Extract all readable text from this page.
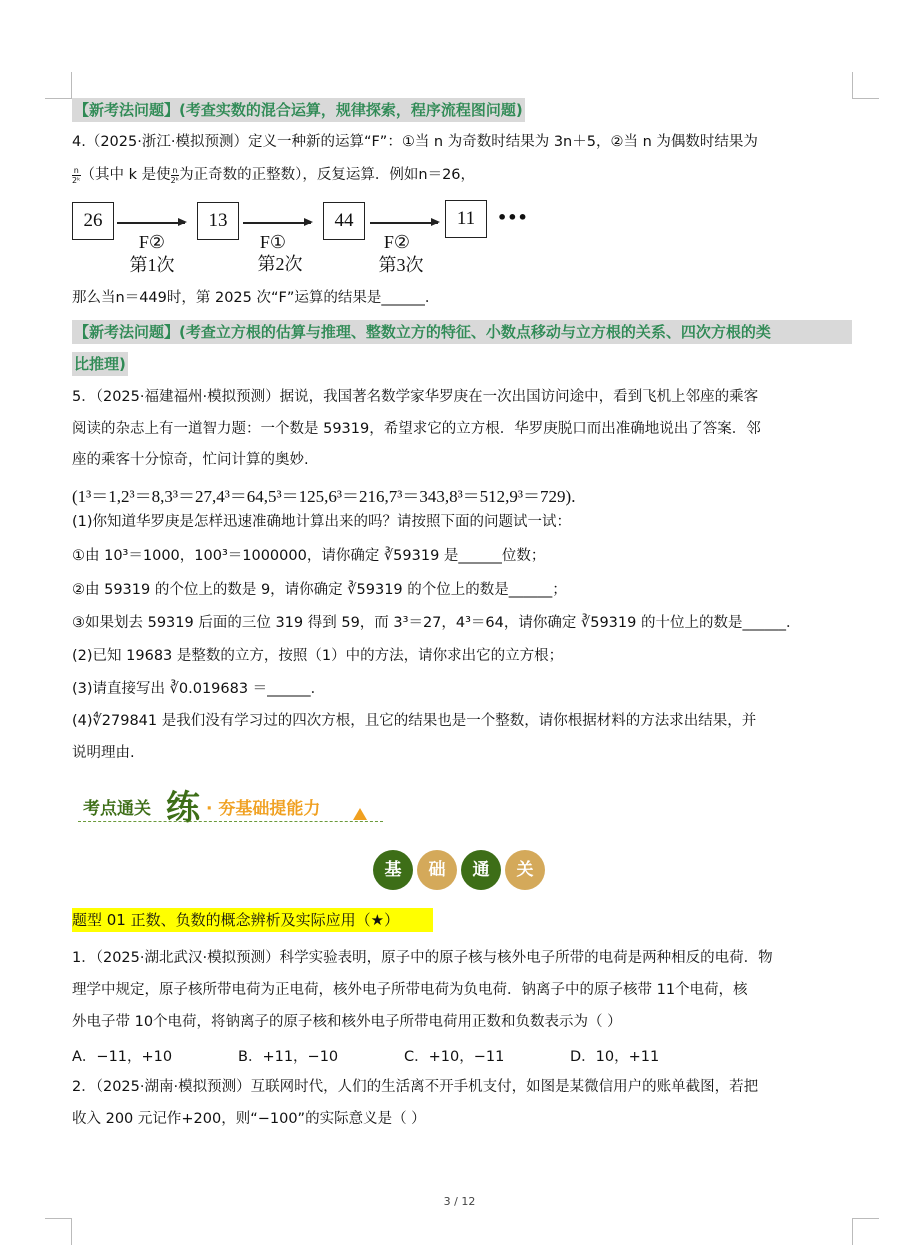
【新考法问题】(考查实数的混合运算，规律探索，程序流程图问题)
4.（2025·浙江·模拟预测）定义一种新的运算“F”：①当 n 为奇数时结果为 3n＋5，②当 n 为偶数时结果为
$\frac{n}{\text{2ᵏ}}$ （其中 k 是使 $\frac{n}{\text{2ᵏ}}$ 为正奇数的正整数），反复运算．例如n＝26，
26	13	44	11	•••
F②	F①	F②
第1次	第2次	第3次
那么当n＝449时，第 2025 次“F”运算的结果是______．
【新考法问题】(考查立方根的估算与推理、整数立方的特征、小数点移动与立方根的关系、四次方根的类
比推理)
5．（2025·福建福州·模拟预测）据说，我国著名数学家华罗庚在一次出国访问途中，看到飞机上邻座的乘客
阅读的杂志上有一道智力题：一个数是 59319，希望求它的立方根．华罗庚脱口而出准确地说出了答案．邻
座的乘客十分惊奇，忙问计算的奥妙.
(1³＝1,2³＝8,3³＝27,4³＝64,5³＝125,6³＝216,7³＝343,8³＝512,9³＝729).
(1)你知道华罗庚是怎样迅速准确地计算出来的吗？请按照下面的问题试一试：
①由 10³＝1000，100³＝1000000，请你确定 ∛59319 是______位数；
②由 59319 的个位上的数是 9，请你确定 ∛59319 的个位上的数是______；
③如果划去 59319 后面的三位 319 得到 59，而 3³＝27，4³＝64，请你确定 ∛59319 的十位上的数是______．
(2)已知 19683 是整数的立方，按照（1）中的方法，请你求出它的立方根；
(3)请直接写出 ∛0.019683 ＝______．
(4)∜279841 是我们没有学习过的四次方根，且它的结果也是一个整数，请你根据材料的方法求出结果，并
说明理由.
考点通关 练 · 夯基础提能力
基	础	通	关
题型 01 正数、负数的概念辨析及实际应用（★）
1．（2025·湖北武汉·模拟预测）科学实验表明，原子中的原子核与核外电子所带的电荷是两种相反的电荷．物
理学中规定，原子核所带电荷为正电荷，核外电子所带电荷为负电荷．钠离子中的原子核带 11个电荷，核
外电子带 10个电荷，将钠离子的原子核和核外电子所带电荷用正数和负数表示为（ ）
A．−11，+10	B．+11，−10	C．+10，−11	D．10，+11
2．（2025·湖南·模拟预测）互联网时代，人们的生活离不开手机支付，如图是某微信用户的账单截图，若把
收入 200 元记作+200，则“−100”的实际意义是（ ）
3 / 12
